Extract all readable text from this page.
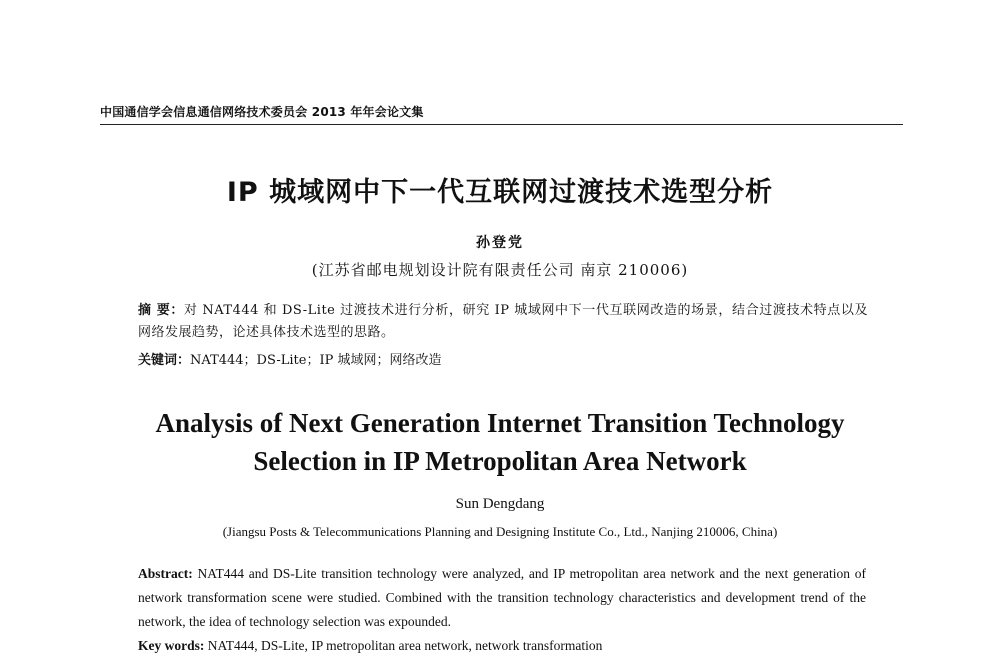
中国通信学会信息通信网络技术委员会 2013 年年会论文集
IP 城域网中下一代互联网过渡技术选型分析
孙登党
(江苏省邮电规划设计院有限责任公司 南京 210006)
摘 要：对 NAT444 和 DS-Lite 过渡技术进行分析，研究 IP 城域网中下一代互联网改造的场景，结合过渡技术特点以及网络发展趋势，论述具体技术选型的思路。
关键词：NAT444；DS-Lite；IP 城域网；网络改造
Analysis of Next Generation Internet Transition Technology
Selection in IP Metropolitan Area Network
Sun Dengdang
(Jiangsu Posts & Telecommunications Planning and Designing Institute Co., Ltd., Nanjing 210006, China)
Abstract: NAT444 and DS-Lite transition technology were analyzed, and IP metropolitan area network and the next generation of network transformation scene were studied. Combined with the transition technology characteristics and development trend of the network, the idea of technology selection was expounded.
Key words: NAT444, DS-Lite, IP metropolitan area network, network transformation
